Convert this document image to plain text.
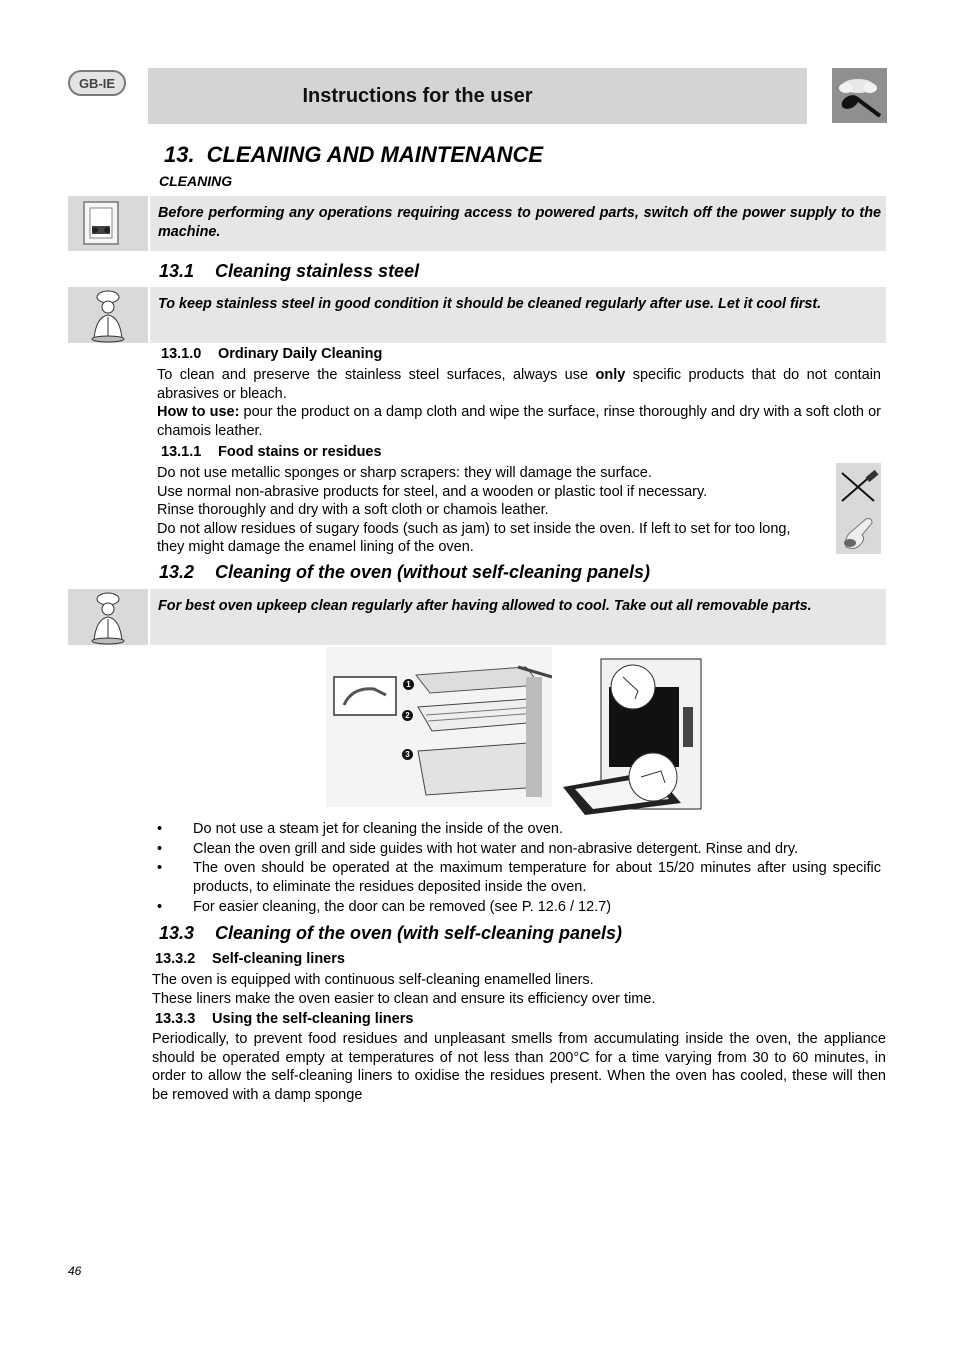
GB-IE
Instructions for the user
13. CLEANING AND MAINTENANCE
CLEANING
Before performing any operations requiring access to powered parts, switch off the power supply to the machine.
13.1 Cleaning stainless steel
To keep stainless steel in good condition it should be cleaned regularly after use. Let it cool first.
13.1.0 Ordinary Daily Cleaning
To clean and preserve the stainless steel surfaces, always use only specific products that do not contain abrasives or bleach.
How to use: pour the product on a damp cloth and wipe the surface, rinse thoroughly and dry with a soft cloth or chamois leather.
13.1.1 Food stains or residues
Do not use metallic sponges or sharp scrapers: they will damage the surface.
Use normal non-abrasive products for steel, and a wooden or plastic tool if necessary.
Rinse thoroughly and dry with a soft cloth or chamois leather.
Do not allow residues of sugary foods (such as jam) to set inside the oven. If left to set for too long, they might damage the enamel lining of the oven.
13.2 Cleaning of the oven (without self-cleaning panels)
For best oven upkeep clean regularly after having allowed to cool. Take out all removable parts.
1
2
3
• Do not use a steam jet for cleaning the inside of the oven.
• Clean the oven grill and side guides with hot water and non-abrasive detergent. Rinse and dry.
• The oven should be operated at the maximum temperature for about 15/20 minutes after using specific products, to eliminate the residues deposited inside the oven.
• For easier cleaning, the door can be removed (see P. 12.6 / 12.7)
13.3 Cleaning of the oven (with self-cleaning panels)
13.3.2 Self-cleaning liners
The oven is equipped with continuous self-cleaning enamelled liners.
These liners make the oven easier to clean and ensure its efficiency over time.
13.3.3 Using the self-cleaning liners
Periodically, to prevent food residues and unpleasant smells from accumulating inside the oven, the appliance should be operated empty at temperatures of not less than 200°C for a time varying from 30 to 60 minutes, in order to allow the self-cleaning liners to oxidise the residues present. When the oven has cooled, these will then be removed with a damp sponge
46
